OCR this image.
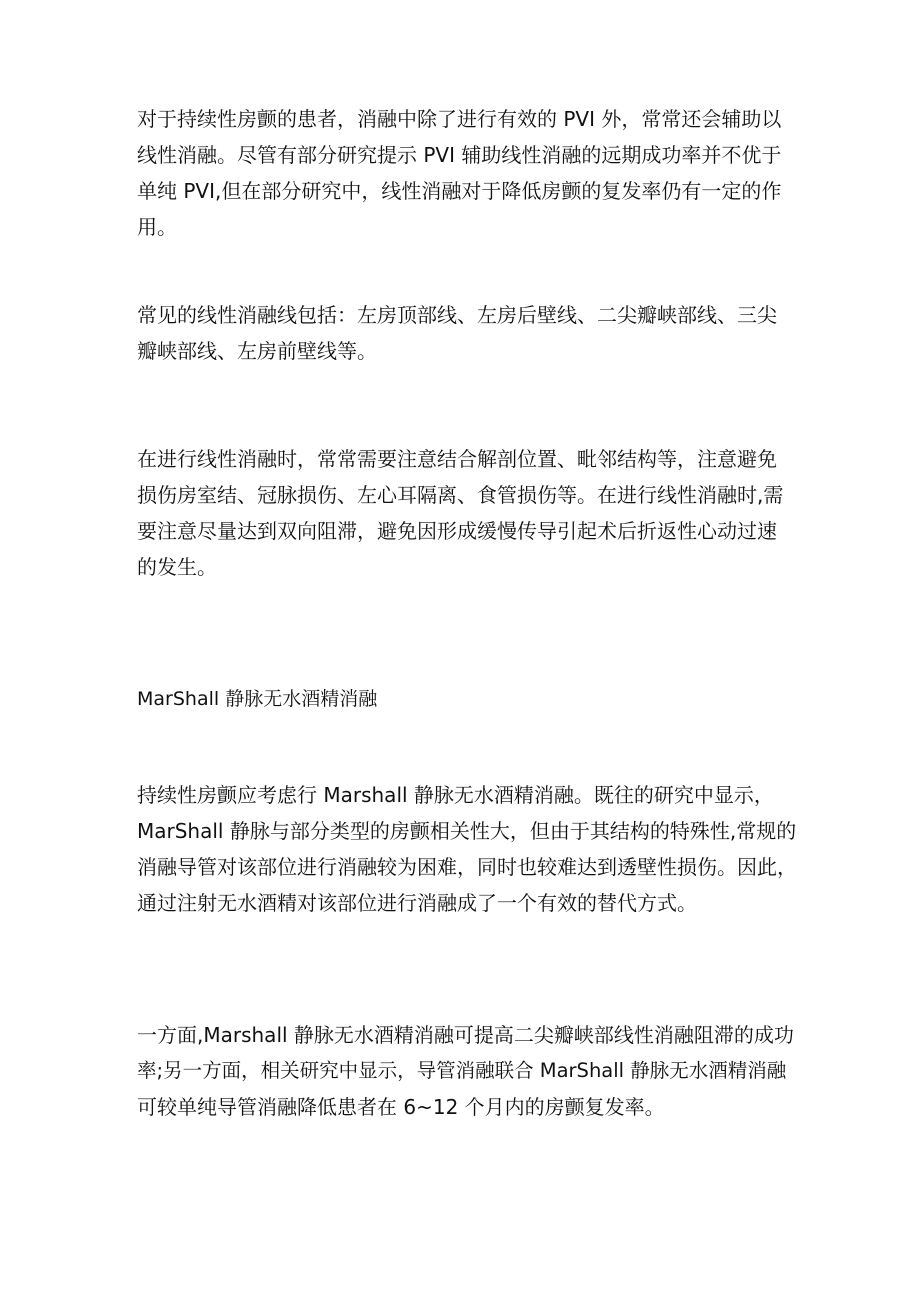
对于持续性房颤的患者，消融中除了进行有效的 PVI 外，常常还会辅助以
线性消融。尽管有部分研究提示 PVI 辅助线性消融的远期成功率并不优于
单纯 PVI,但在部分研究中，线性消融对于降低房颤的复发率仍有一定的作
用。

常见的线性消融线包括：左房顶部线、左房后壁线、二尖瓣峡部线、三尖
瓣峡部线、左房前壁线等。

在进行线性消融时，常常需要注意结合解剖位置、毗邻结构等，注意避免
损伤房室结、冠脉损伤、左心耳隔离、食管损伤等。在进行线性消融时,需
要注意尽量达到双向阻滞，避免因形成缓慢传导引起术后折返性心动过速
的发生。

MarShall 静脉无水酒精消融

持续性房颤应考虑行 Marshall 静脉无水酒精消融。既往的研究中显示，
MarShall 静脉与部分类型的房颤相关性大，但由于其结构的特殊性,常规的
消融导管对该部位进行消融较为困难，同时也较难达到透壁性损伤。因此，
通过注射无水酒精对该部位进行消融成了一个有效的替代方式。

一方面,Marshall 静脉无水酒精消融可提高二尖瓣峡部线性消融阻滞的成功
率;另一方面，相关研究中显示，导管消融联合 MarShall 静脉无水酒精消融
可较单纯导管消融降低患者在 6~12 个月内的房颤复发率。
